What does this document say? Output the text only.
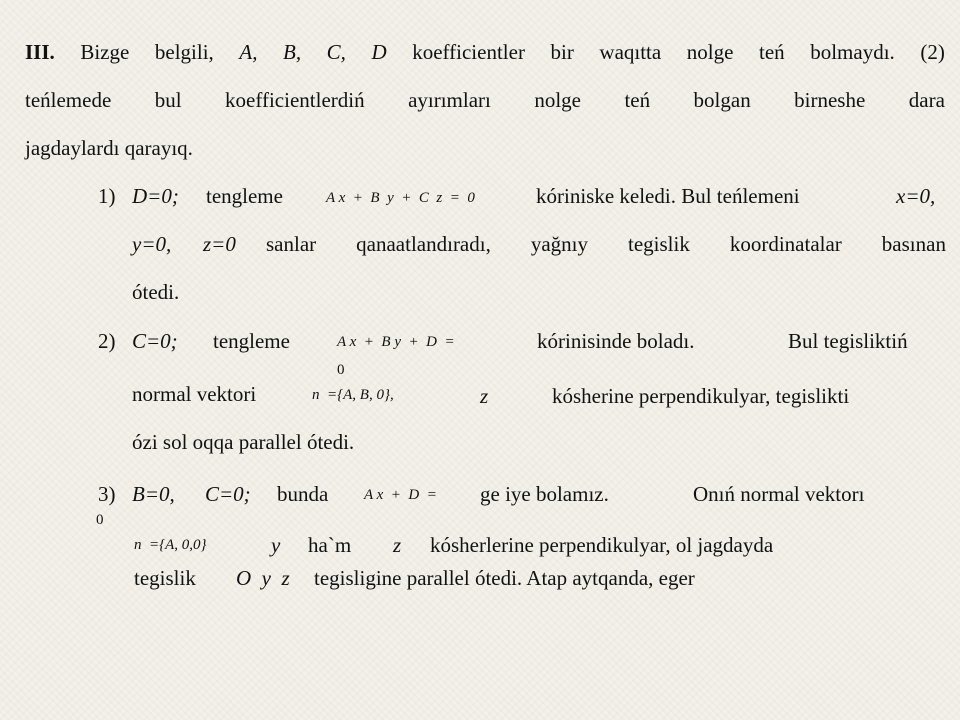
III. Bizge belgili, A, B, C, D koefficientler bir waqıtta nolge teń bolmaydı. (2)
teńlemede bul koefficientlerdiń ayırımları nolge teń bolgan birneshe dara
jagdaylardı qarayıq.
1) D=0; tengleme	A x  +  B  y  +  C  z  =  0	kóriniske keledi. Bul teńlemeni	x=0,
y=0, z=0 sanlar qanaatlandıradı, yağnıy tegislik koordinatalar basınan
ótedi.
2) C=0; tengleme	A x  +  B y  +  D  =
0
kórinisinde boladı.	Bul tegisliktiń
normal vektori	n  ={A, B, 0},	z	kósherine perpendikulyar, tegislikti
ózi sol oqqa parallel ótedi.
3) B=0, C=0; bunda A x  +  D  =
0
ge iye bolamız.	Onıń normal vektorı
n  ={A, 0,0}	y ha`m z kósherlerine perpendikulyar, ol jagdayda
tegislik O  y  z tegisligine parallel ótedi. Atap aytqanda, eger
